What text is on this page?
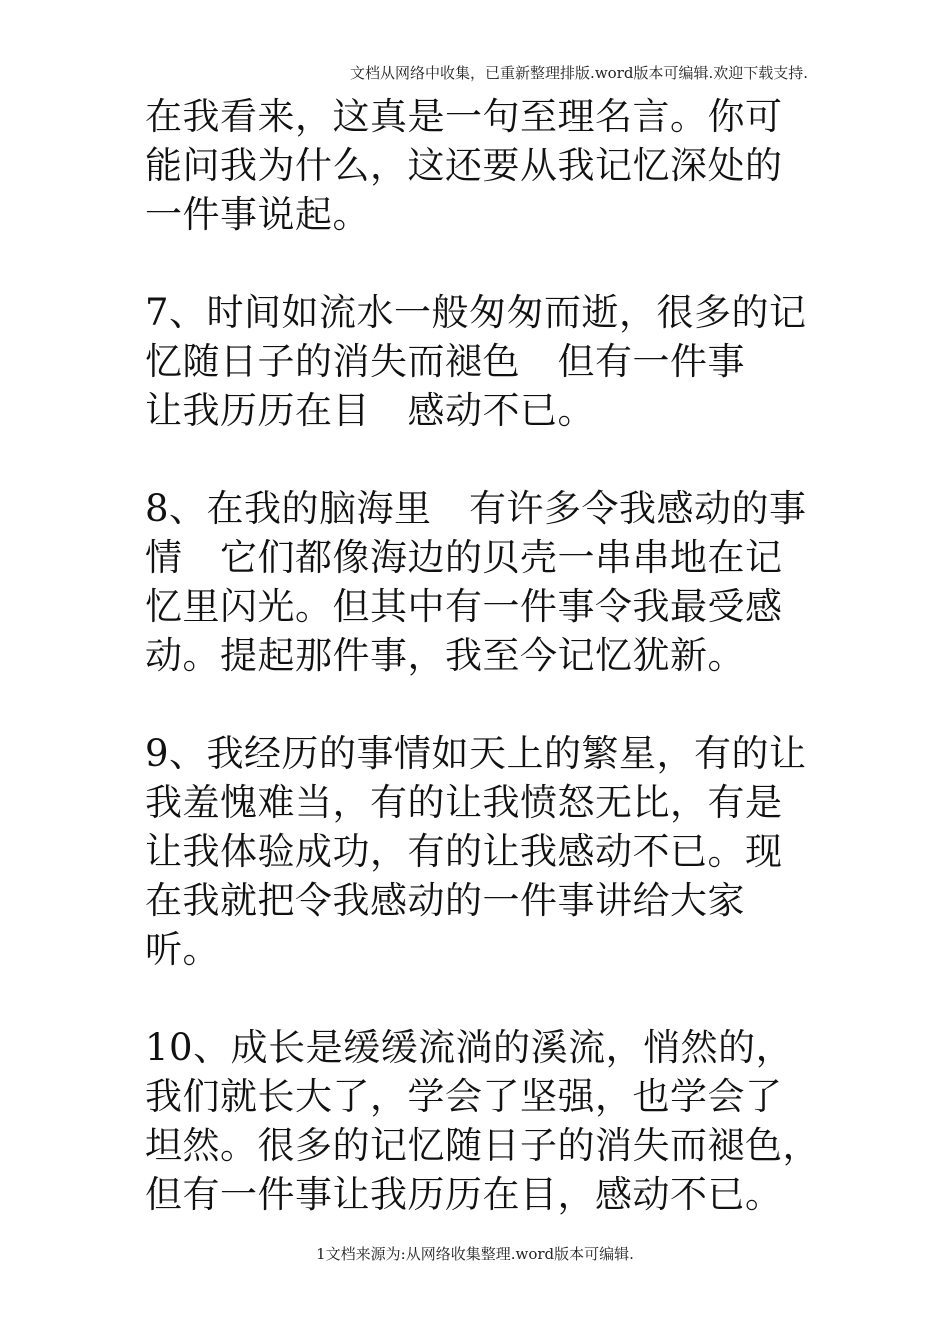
文档从网络中收集，已重新整理排版.word版本可编辑.欢迎下载支持.

在我看来，这真是一句至理名言。你可
能问我为什么，这还要从我记忆深处的
一件事说起。

7、时间如流水一般匆匆而逝，很多的记
忆随日子的消失而褪色　但有一件事
让我历历在目　感动不已。

8、在我的脑海里　有许多令我感动的事
情　它们都像海边的贝壳一串串地在记
忆里闪光。但其中有一件事令我最受感
动。提起那件事，我至今记忆犹新。

9、我经历的事情如天上的繁星，有的让
我羞愧难当，有的让我愤怒无比，有是
让我体验成功，有的让我感动不已。现
在我就把令我感动的一件事讲给大家
听。

10、成长是缓缓流淌的溪流，悄然的，
我们就长大了，学会了坚强，也学会了
坦然。很多的记忆随日子的消失而褪色，
但有一件事让我历历在目，感动不已。

1文档来源为:从网络收集整理.word版本可编辑.
